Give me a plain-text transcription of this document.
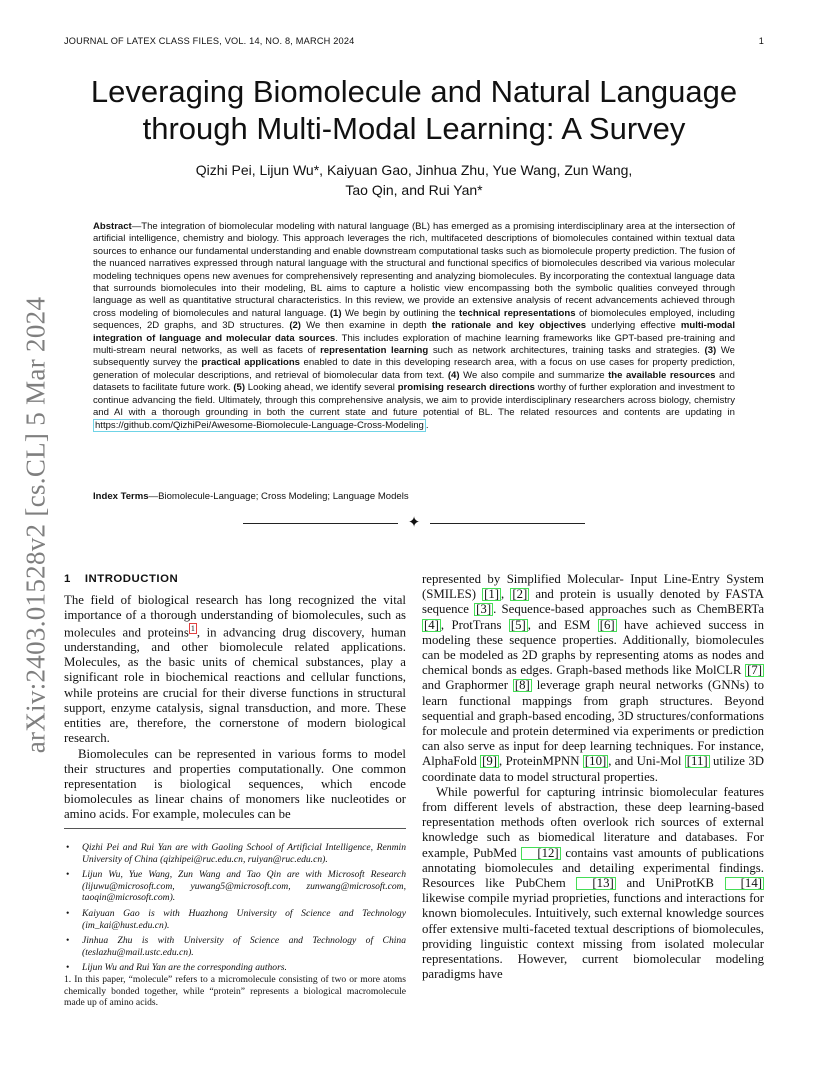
JOURNAL OF LATEX CLASS FILES, VOL. 14, NO. 8, MARCH 2024	1
arXiv:2403.01528v2 [cs.CL] 5 Mar 2024
Leveraging Biomolecule and Natural Language through Multi-Modal Learning: A Survey
Qizhi Pei, Lijun Wu*, Kaiyuan Gao, Jinhua Zhu, Yue Wang, Zun Wang,
Tao Qin, and Rui Yan*
Abstract—The integration of biomolecular modeling with natural language (BL) has emerged as a promising interdisciplinary area at the intersection of artificial intelligence, chemistry and biology. This approach leverages the rich, multifaceted descriptions of biomolecules contained within textual data sources to enhance our fundamental understanding and enable downstream computational tasks such as biomolecule property prediction. The fusion of the nuanced narratives expressed through natural language with the structural and functional specifics of biomolecules described via various molecular modeling techniques opens new avenues for comprehensively representing and analyzing biomolecules. By incorporating the contextual language data that surrounds biomolecules into their modeling, BL aims to capture a holistic view encompassing both the symbolic qualities conveyed through language as well as quantitative structural characteristics. In this review, we provide an extensive analysis of recent advancements achieved through cross modeling of biomolecules and natural language. (1) We begin by outlining the technical representations of biomolecules employed, including sequences, 2D graphs, and 3D structures. (2) We then examine in depth the rationale and key objectives underlying effective multi-modal integration of language and molecular data sources. This includes exploration of machine learning frameworks like GPT-based pre-training and multi-stream neural networks, as well as facets of representation learning such as network architectures, training tasks and strategies. (3) We subsequently survey the practical applications enabled to date in this developing research area, with a focus on use cases for property prediction, generation of molecular descriptions, and retrieval of biomolecular data from text. (4) We also compile and summarize the available resources and datasets to facilitate future work. (5) Looking ahead, we identify several promising research directions worthy of further exploration and investment to continue advancing the field. Ultimately, through this comprehensive analysis, we aim to provide interdisciplinary researchers across biology, chemistry and AI with a thorough grounding in both the current state and future potential of BL. The related resources and contents are updating in https://github.com/QizhiPei/Awesome-Biomolecule-Language-Cross-Modeling .
Index Terms—Biomolecule-Language; Cross Modeling; Language Models
✦
1 INTRODUCTION

The field of biological research has long recognized the vital importance of a thorough understanding of biomolecules, such as molecules and proteins $^1$ , in advancing drug discovery, human understanding, and other biomolecule related applications. Molecules, as the basic units of chemical substances, play a significant role in biochemical reactions and cellular functions, while proteins are crucial for their diverse functions in structural support, enzyme catalysis, signal transduction, and more. These entities are, therefore, the cornerstone of modern biological research.

Biomolecules can be represented in various forms to model their structures and properties computationally. One common representation is biological sequences, which encode biomolecules as linear chains of monomers like nucleotides or amino acids. For example, molecules can be

represented by Simplified Molecular- Input Line-Entry System (SMILES) [1] , [2] and protein is usually denoted by FASTA sequence [3] . Sequence-based approaches such as ChemBERTa [4] , ProtTrans [5] , and ESM [6] have achieved success in modeling these sequence properties. Additionally, biomolecules can be modeled as 2D graphs by representing atoms as nodes and chemical bonds as edges. Graph-based methods like MolCLR [7] and Graphormer [8] leverage graph neural networks (GNNs) to learn functional mappings from graph structures. Beyond sequential and graph-based encoding, 3D structures/conformations for molecule and protein determined via experiments or prediction can also serve as input for deep learning techniques. For instance, AlphaFold [9] , ProteinMPNN [10] , and Uni-Mol [11] utilize 3D coordinate data to model structural properties.

While powerful for capturing intrinsic biomolecular features from different levels of abstraction, these deep learning-based representation methods often overlook rich sources of external knowledge such as biomedical literature and databases. For example, PubMed [12] contains vast amounts of publications annotating biomolecules and detailing experimental findings. Resources like PubChem [13] and UniProtKB [14] likewise compile myriad proprieties, functions and interactions for known biomolecules. Intuitively, such external knowledge sources offer extensive multi-faceted textual descriptions of biomolecules, providing linguistic context missing from isolated molecular representations. However, current biomolecular modeling paradigms have

• Qizhi Pei and Rui Yan are with Gaoling School of Artificial Intelligence, Renmin University of China (qizhipei@ruc.edu.cn, ruiyan@ruc.edu.cn).
• Lijun Wu, Yue Wang, Zun Wang and Tao Qin are with Microsoft Research (lijuwu@microsoft.com, yuwang5@microsoft.com, zunwang@microsoft.com, taoqin@microsoft.com).
• Kaiyuan Gao is with Huazhong University of Science and Technology (im_kai@hust.edu.cn).
• Jinhua Zhu is with University of Science and Technology of China (teslazhu@mail.ustc.edu.cn).
• Lijun Wu and Rui Yan are the corresponding authors.
1. In this paper, “molecule” refers to a micromolecule consisting of two or more atoms chemically bonded together, while “protein” represents a biological macromolecule made up of amino acids.
